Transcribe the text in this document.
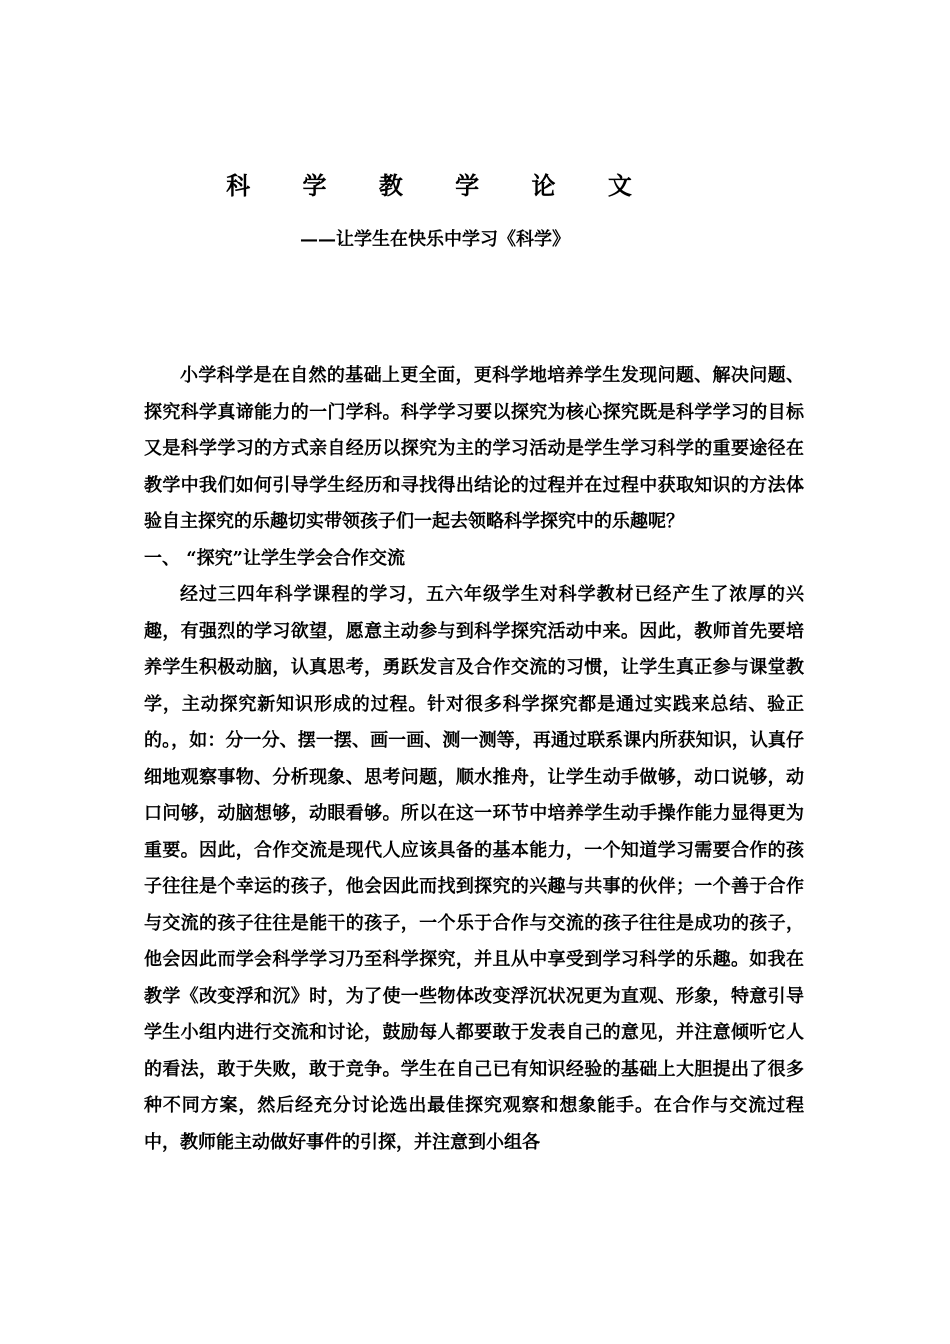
科 学 教 学 论 文
——让学生在快乐中学习《科学》

小学科学是在自然的基础上更全面，更科学地培养学生发现问题、解决问题、探究科学真谛能力的一门学科。科学学习要以探究为核心探究既是科学学习的目标又是科学学习的方式亲自经历以探究为主的学习活动是学生学习科学的重要途径在教学中我们如何引导学生经历和寻找得出结论的过程并在过程中获取知识的方法体验自主探究的乐趣切实带领孩子们一起去领略科学探究中的乐趣呢？

一、 “探究”让学生学会合作交流

经过三四年科学课程的学习，五六年级学生对科学教材已经产生了浓厚的兴趣，有强烈的学习欲望，愿意主动参与到科学探究活动中来。因此，教师首先要培养学生积极动脑，认真思考，勇跃发言及合作交流的习惯，让学生真正参与课堂教学，主动探究新知识形成的过程。针对很多科学探究都是通过实践来总结、验正的。，如：分一分、摆一摆、画一画、测一测等，再通过联系课内所获知识，认真仔细地观察事物、分析现象、思考问题，顺水推舟，让学生动手做够，动口说够，动口问够，动脑想够，动眼看够。所以在这一环节中培养学生动手操作能力显得更为重要。因此，合作交流是现代人应该具备的基本能力，一个知道学习需要合作的孩子往往是个幸运的孩子，他会因此而找到探究的兴趣与共事的伙伴；一个善于合作与交流的孩子往往是能干的孩子，一个乐于合作与交流的孩子往往是成功的孩子，他会因此而学会科学学习乃至科学探究，并且从中享受到学习科学的乐趣。如我在教学《改变浮和沉》时，为了使一些物体改变浮沉状况更为直观、形象，特意引导学生小组内进行交流和讨论，鼓励每人都要敢于发表自己的意见，并注意倾听它人的看法，敢于失败，敢于竞争。学生在自己已有知识经验的基础上大胆提出了很多种不同方案，然后经充分讨论选出最佳探究观察和想象能手。在合作与交流过程中，教师能主动做好事件的引探，并注意到小组各
